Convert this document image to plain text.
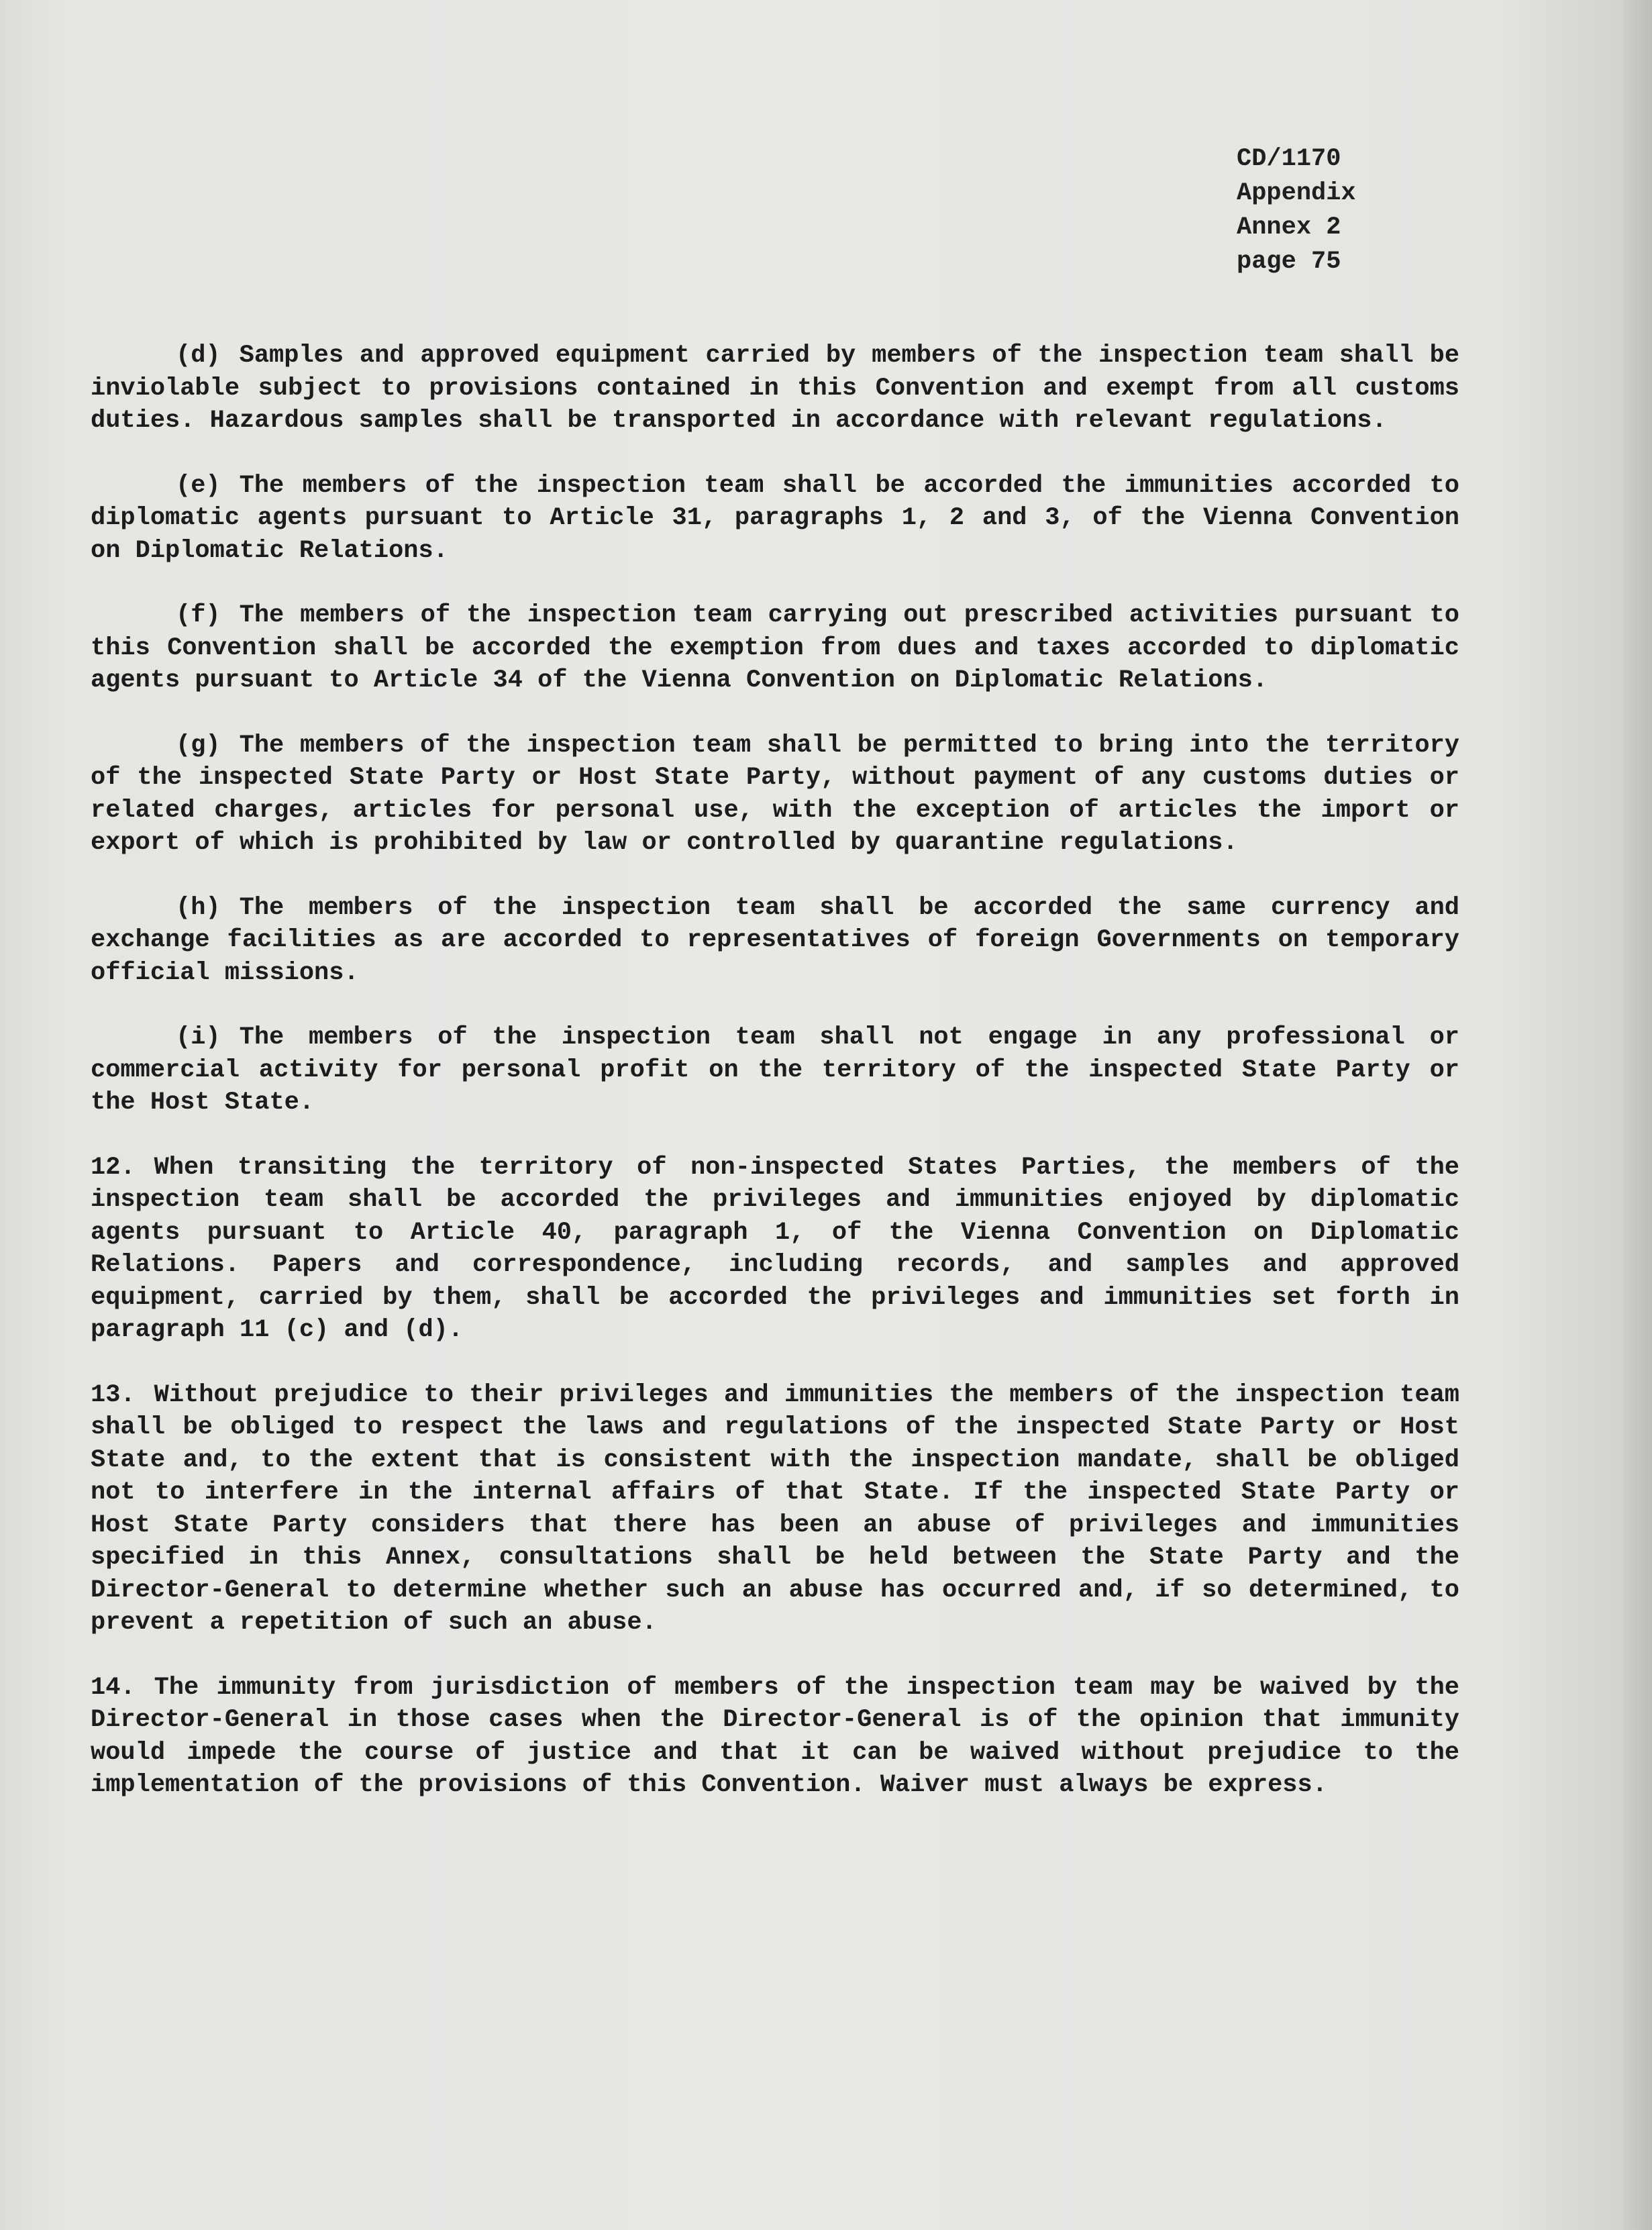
CD/1170
Appendix
Annex 2
page 75

(d) Samples and approved equipment carried by members of the inspection team shall be inviolable subject to provisions contained in this Convention and exempt from all customs duties. Hazardous samples shall be transported in accordance with relevant regulations.

(e) The members of the inspection team shall be accorded the immunities accorded to diplomatic agents pursuant to Article 31, paragraphs 1, 2 and 3, of the Vienna Convention on Diplomatic Relations.

(f) The members of the inspection team carrying out prescribed activities pursuant to this Convention shall be accorded the exemption from dues and taxes accorded to diplomatic agents pursuant to Article 34 of the Vienna Convention on Diplomatic Relations.

(g) The members of the inspection team shall be permitted to bring into the territory of the inspected State Party or Host State Party, without payment of any customs duties or related charges, articles for personal use, with the exception of articles the import or export of which is prohibited by law or controlled by quarantine regulations.

(h) The members of the inspection team shall be accorded the same currency and exchange facilities as are accorded to representatives of foreign Governments on temporary official missions.

(i) The members of the inspection team shall not engage in any professional or commercial activity for personal profit on the territory of the inspected State Party or the Host State.

12. When transiting the territory of non-inspected States Parties, the members of the inspection team shall be accorded the privileges and immunities enjoyed by diplomatic agents pursuant to Article 40, paragraph 1, of the Vienna Convention on Diplomatic Relations. Papers and correspondence, including records, and samples and approved equipment, carried by them, shall be accorded the privileges and immunities set forth in paragraph 11 (c) and (d).

13. Without prejudice to their privileges and immunities the members of the inspection team shall be obliged to respect the laws and regulations of the inspected State Party or Host State and, to the extent that is consistent with the inspection mandate, shall be obliged not to interfere in the internal affairs of that State. If the inspected State Party or Host State Party considers that there has been an abuse of privileges and immunities specified in this Annex, consultations shall be held between the State Party and the Director-General to determine whether such an abuse has occurred and, if so determined, to prevent a repetition of such an abuse.

14. The immunity from jurisdiction of members of the inspection team may be waived by the Director-General in those cases when the Director-General is of the opinion that immunity would impede the course of justice and that it can be waived without prejudice to the implementation of the provisions of this Convention. Waiver must always be express.
